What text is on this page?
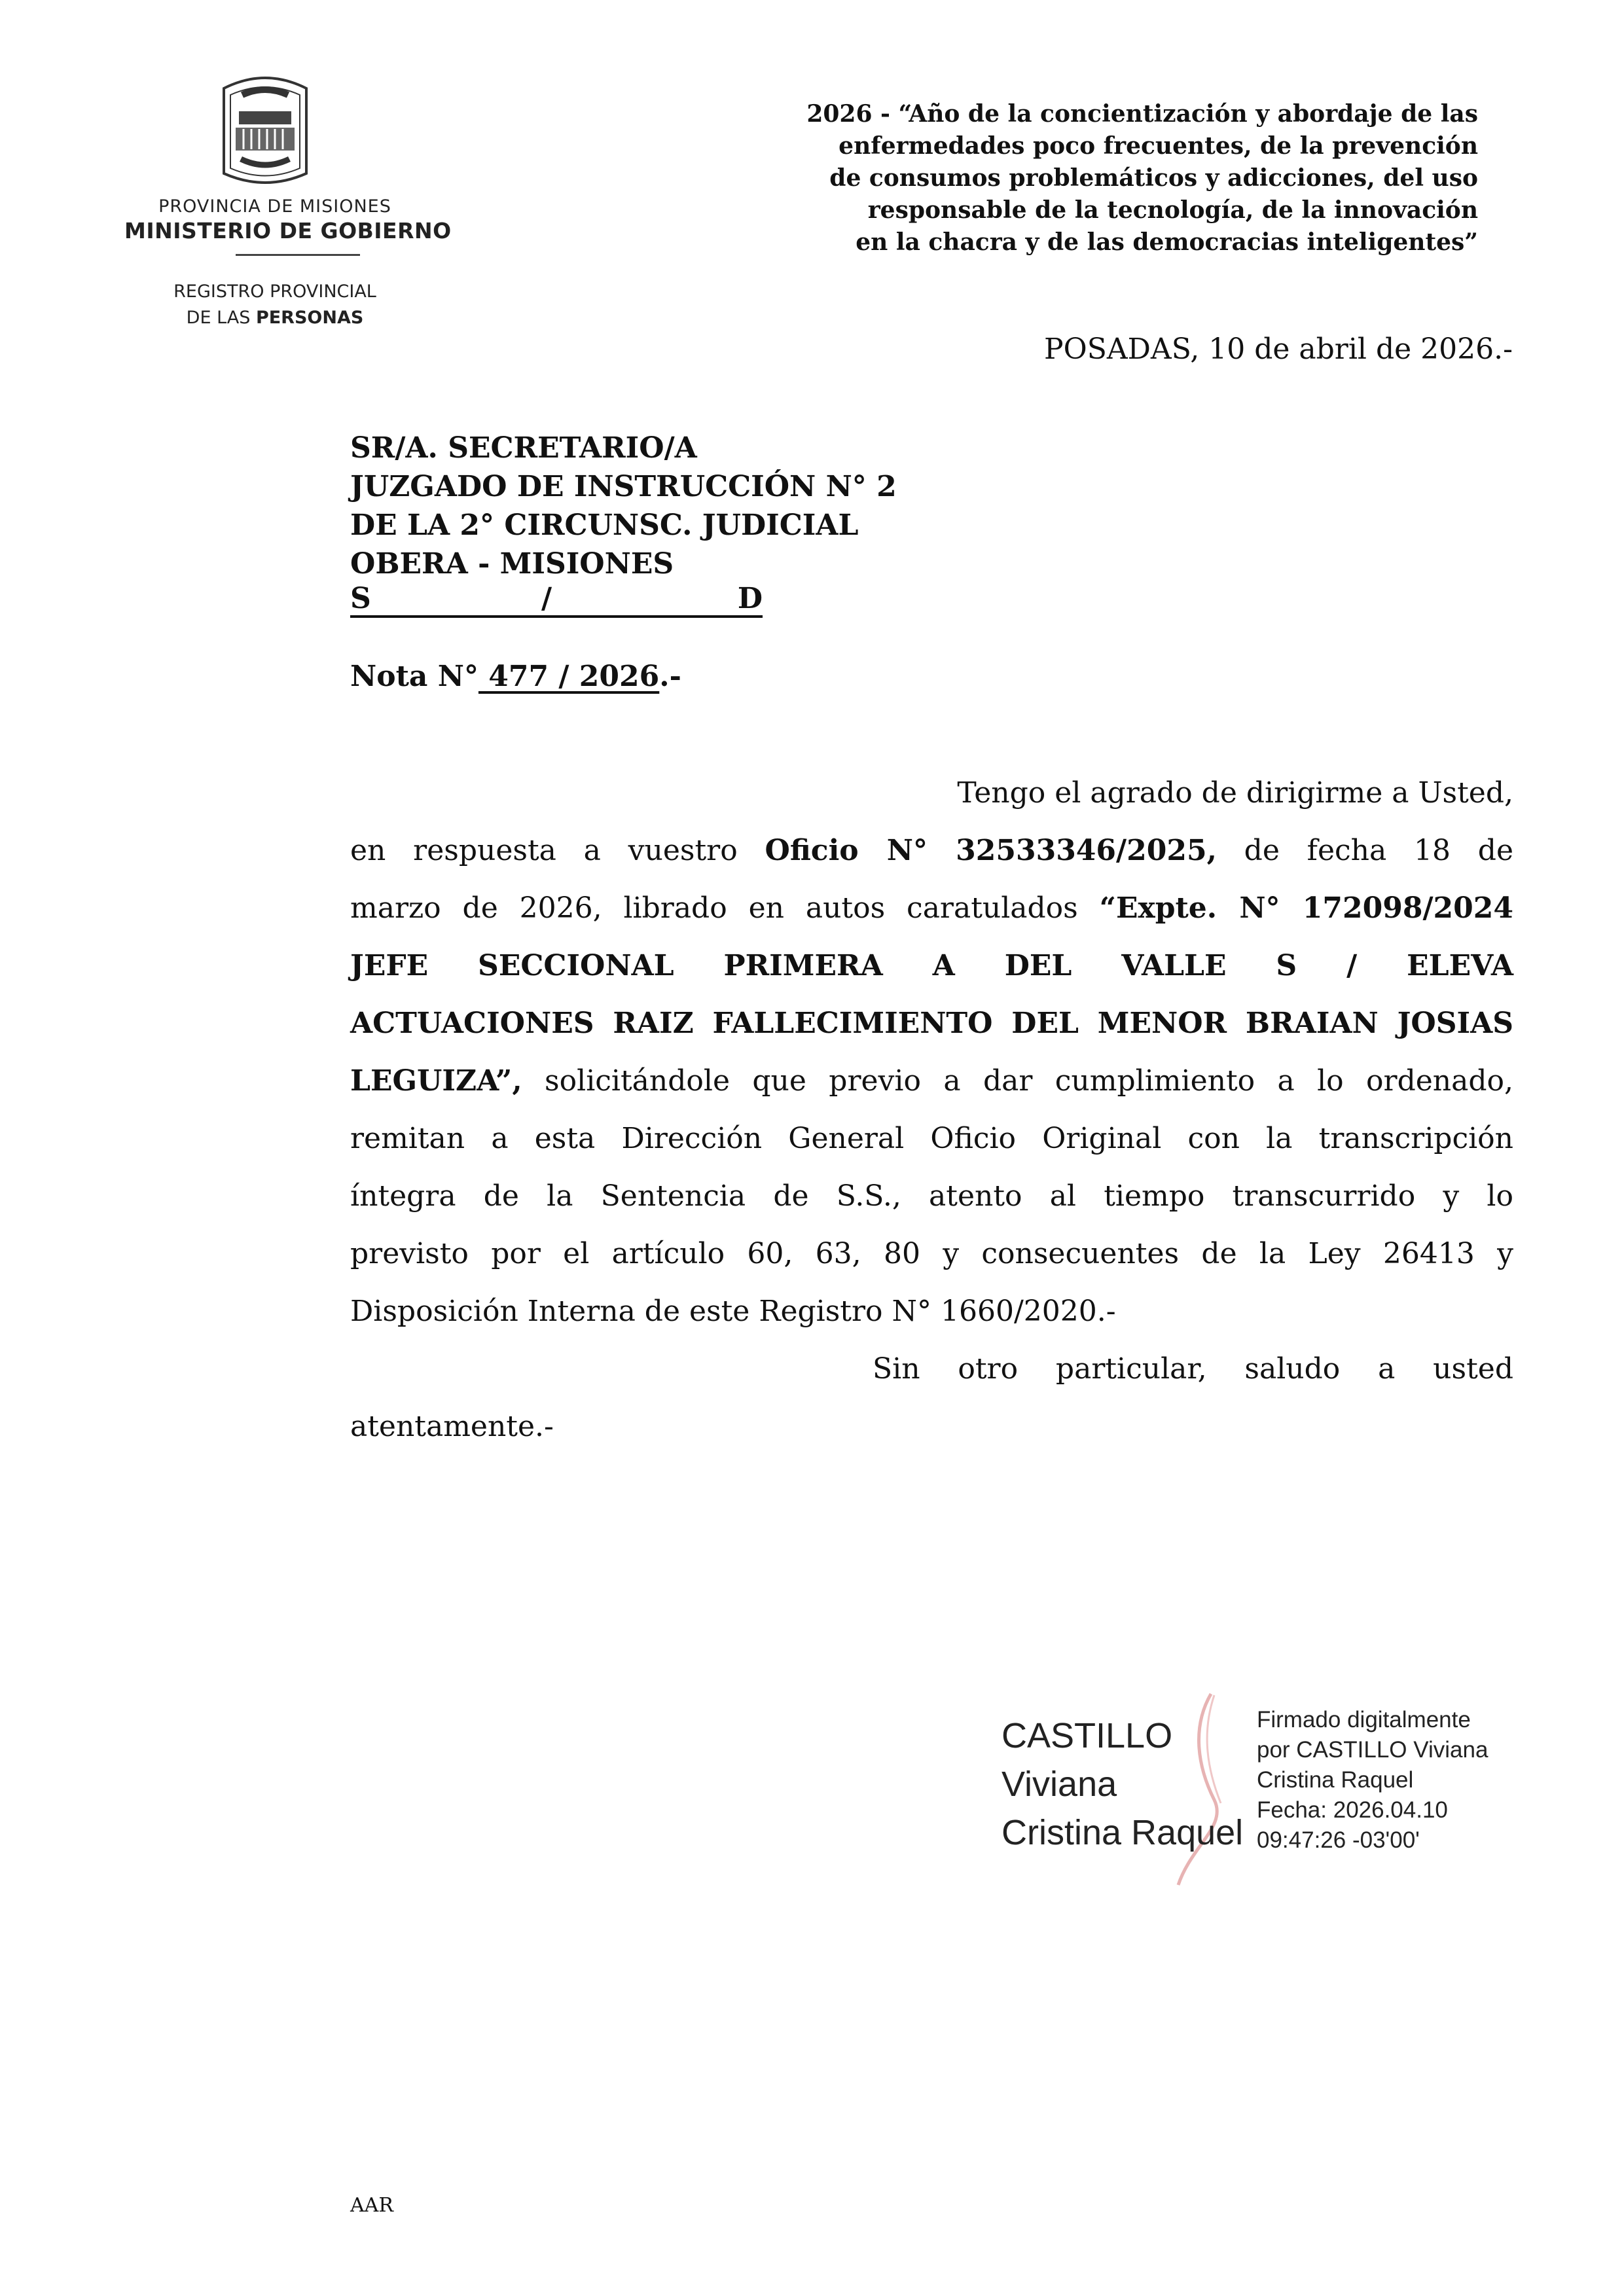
PROVINCIA DE MISIONES
MINISTERIO DE GOBIERNO
REGISTRO PROVINCIAL
DE LAS PERSONAS
2026 - “Año de la concientización y abordaje de las
enfermedades poco frecuentes, de la prevención
de consumos problemáticos y adicciones, del uso
responsable de la tecnología, de la innovación
en la chacra y de las democracias inteligentes”
POSADAS, 10 de abril de 2026.-
SR/A. SECRETARIO/A
JUZGADO DE INSTRUCCIÓN N° 2
DE LA 2° CIRCUNSC. JUDICIAL
OBERA - MISIONES
S	/	D
Nota N° 477 / 2026.-
Tengo el agrado de dirigirme a Usted,
en respuesta a vuestro Oficio N° 32533346/2025, de fecha 18 de
marzo de 2026, librado en autos caratulados “Expte. N° 172098/2024
JEFE SECCIONAL PRIMERA A DEL VALLE S / ELEVA
ACTUACIONES RAIZ FALLECIMIENTO DEL MENOR BRAIAN JOSIAS
LEGUIZA”, solicitándole que previo a dar cumplimiento a lo ordenado,
remitan a esta Dirección General Oficio Original con la transcripción
íntegra de la Sentencia de S.S., atento al tiempo transcurrido y lo
previsto por el artículo 60, 63, 80 y consecuentes de la Ley 26413 y
Disposición Interna de este Registro N° 1660/2020.-
Sin otro particular, saludo a usted
atentamente.-
CASTILLO
Viviana
Cristina Raquel
Firmado digitalmente
por CASTILLO Viviana
Cristina Raquel
Fecha: 2026.04.10
09:47:26 -03'00'
AAR
